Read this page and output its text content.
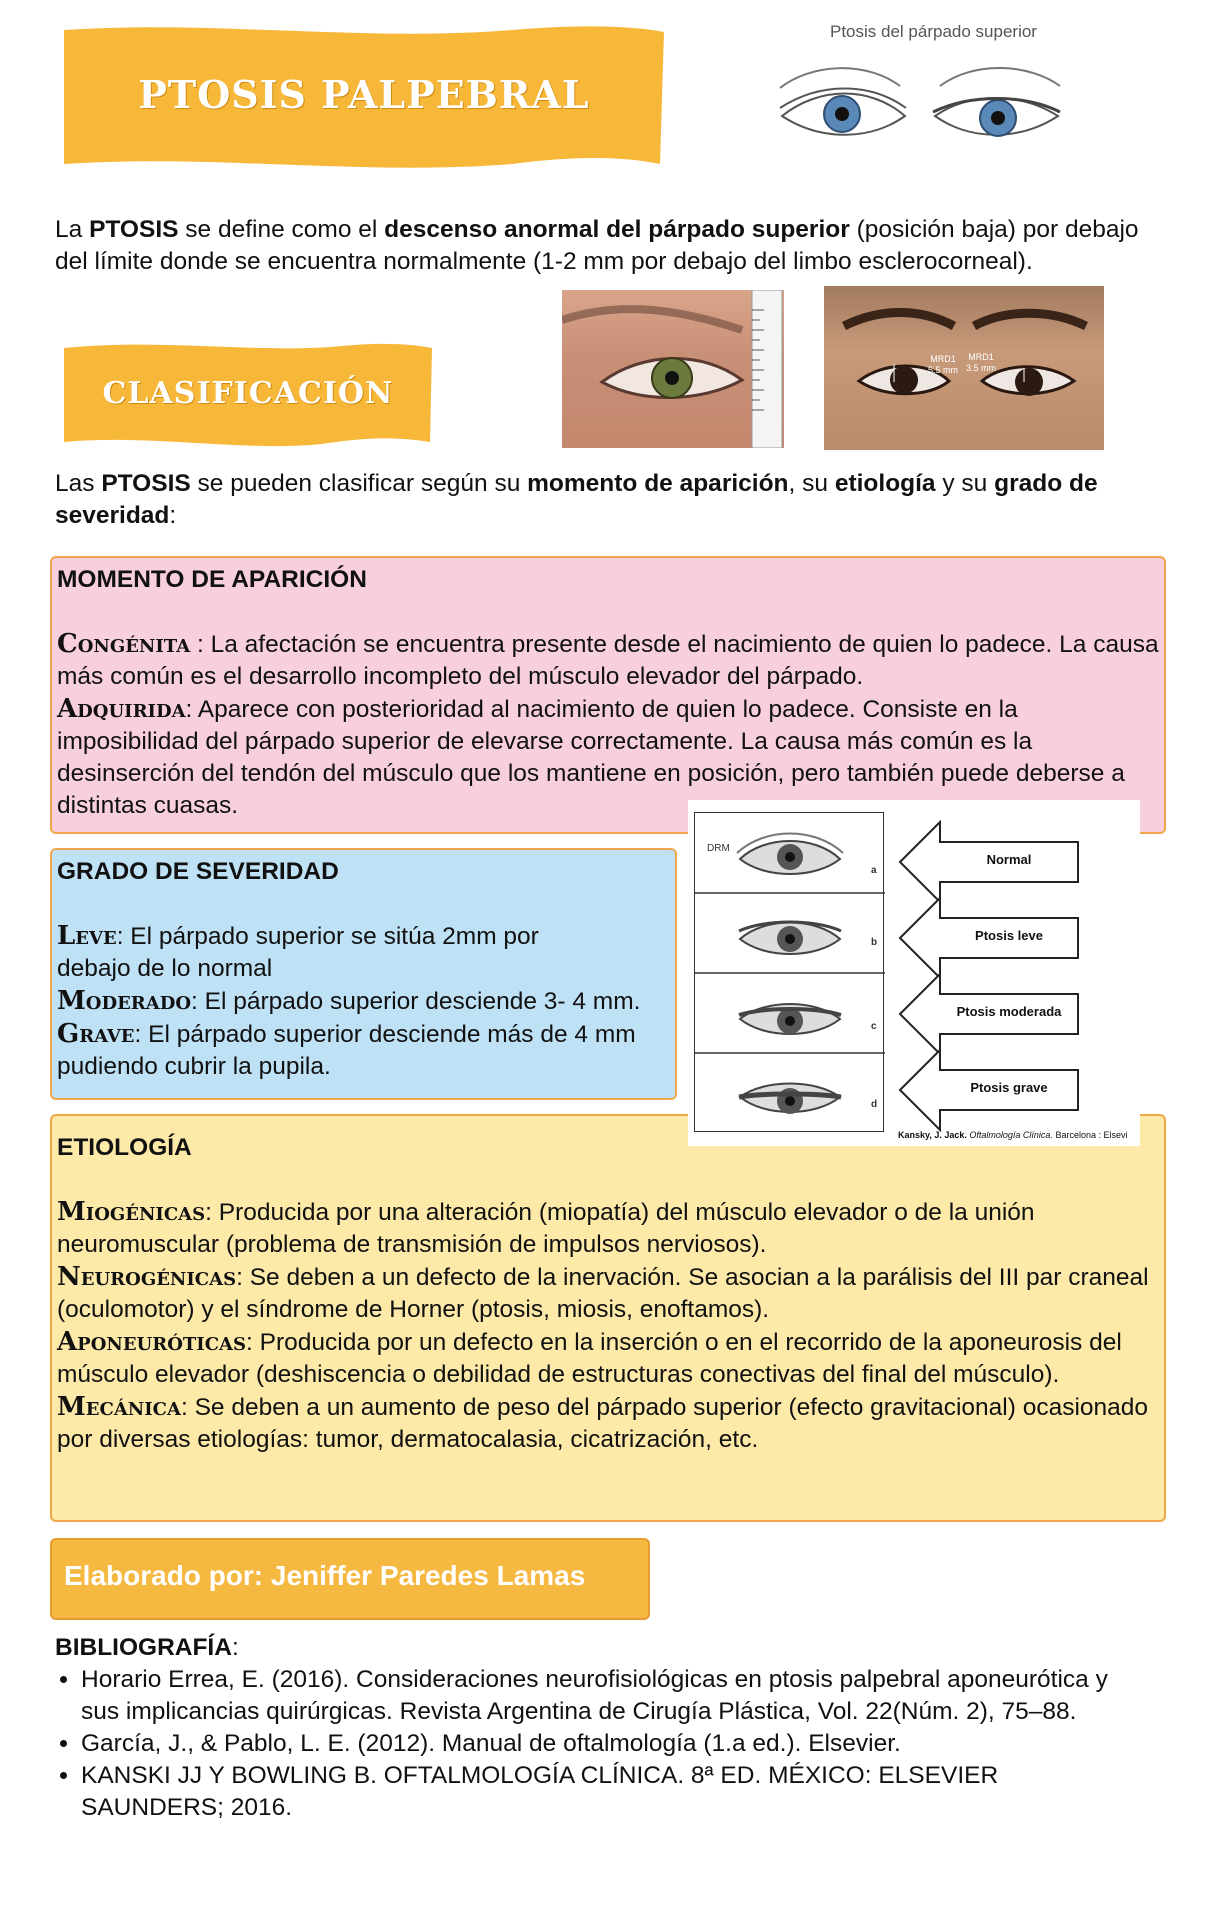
PTOSIS PALPEBRAL
Ptosis del párpado superior
La PTOSIS se define como el descenso anormal del párpado superior (posición baja) por debajo del límite donde se encuentra normalmente (1-2 mm por debajo del limbo esclerocorneal).
CLASIFICACIÓN
MRD1
5.5 mm
MRD1
3.5 mm
Las PTOSIS se pueden clasificar según su momento de aparición, su etiología y su grado de severidad:
MOMENTO DE APARICIÓN
Congénita : La afectación se encuentra presente desde el nacimiento de quien lo padece. La causa más común es el desarrollo incompleto del músculo elevador del párpado.
Adquirida: Aparece con posterioridad al nacimiento de quien lo padece. Consiste en la imposibilidad del párpado superior de elevarse correctamente. La causa más común es la desinserción del tendón del músculo que los mantiene en posición, pero también puede deberse a distintas cuasas.
GRADO DE SEVERIDAD
Leve: El párpado superior se sitúa 2mm por debajo de lo normal
Moderado: El párpado superior desciende 3- 4 mm.
Grave: El párpado superior desciende más de 4 mm pudiendo cubrir la pupila.
ETIOLOGÍA
Miogénicas: Producida por una alteración (miopatía) del músculo elevador o de la unión neuromuscular (problema de transmisión de impulsos nerviosos).
Neurogénicas: Se deben a un defecto de la inervación. Se asocian a la parálisis del III par craneal (oculomotor) y el síndrome de Horner (ptosis, miosis, enoftamos).
Aponeuróticas: Producida por un defecto en la inserción o en el recorrido de la aponeurosis del músculo elevador (deshiscencia o debilidad de estructuras conectivas del final del músculo).
Mecánica: Se deben a un aumento de peso del párpado superior (efecto gravitacional) ocasionado por diversas etiologías: tumor, dermatocalasia, cicatrización, etc.
DRM
a
b
c
d
Normal
Ptosis leve
Ptosis moderada
Ptosis grave
Kansky, J. Jack. Oftalmología Clínica. Barcelona : Elsevi
Elaborado por: Jeniffer Paredes Lamas
BIBLIOGRAFÍA:
• Horario Errea, E. (2016). Consideraciones neurofisiológicas en ptosis palpebral aponeurótica y sus implicancias quirúrgicas. Revista Argentina de Cirugía Plástica, Vol. 22(Núm. 2), 75–88.
• García, J., & Pablo, L. E. (2012). Manual de oftalmología (1.a ed.). Elsevier.
• KANSKI JJ Y BOWLING B. OFTALMOLOGÍA CLÍNICA. 8ª ED. MÉXICO: ELSEVIER SAUNDERS; 2016.
